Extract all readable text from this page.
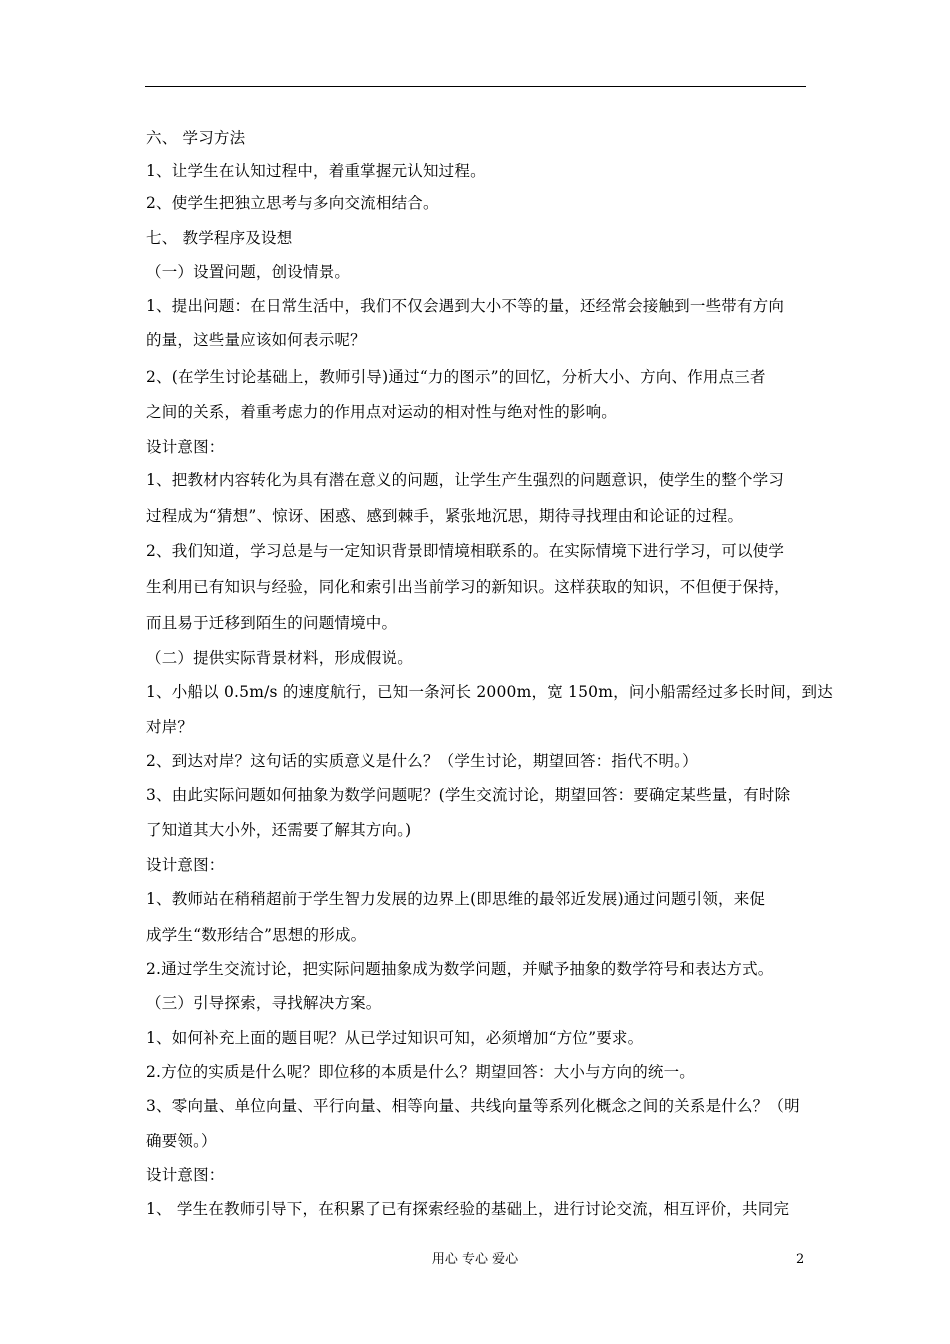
六、 学习方法
1、让学生在认知过程中，着重掌握元认知过程。
2、使学生把独立思考与多向交流相结合。
七、 教学程序及设想
（一）设置问题，创设情景。
1、提出问题：在日常生活中，我们不仅会遇到大小不等的量，还经常会接触到一些带有方向
的量，这些量应该如何表示呢？
2、(在学生讨论基础上，教师引导)通过“力的图示”的回忆，分析大小、方向、作用点三者
之间的关系，着重考虑力的作用点对运动的相对性与绝对性的影响。
设计意图：
1、把教材内容转化为具有潜在意义的问题，让学生产生强烈的问题意识，使学生的整个学习
过程成为“猜想”、惊讶、困惑、感到棘手，紧张地沉思，期待寻找理由和论证的过程。
2、我们知道，学习总是与一定知识背景即情境相联系的。在实际情境下进行学习，可以使学
生利用已有知识与经验，同化和索引出当前学习的新知识。这样获取的知识，不但便于保持，
而且易于迁移到陌生的问题情境中。
（二）提供实际背景材料，形成假说。
1、小船以 0.5m/s 的速度航行，已知一条河长 2000m，宽 150m，问小船需经过多长时间，到达
对岸？
2、到达对岸？这句话的实质意义是什么？（学生讨论，期望回答：指代不明。）
3、由此实际问题如何抽象为数学问题呢？(学生交流讨论，期望回答：要确定某些量，有时除
了知道其大小外，还需要了解其方向。)
设计意图：
1、教师站在稍稍超前于学生智力发展的边界上(即思维的最邻近发展)通过问题引领，来促
成学生“数形结合”思想的形成。
2.通过学生交流讨论，把实际问题抽象成为数学问题，并赋予抽象的数学符号和表达方式。
（三）引导探索，寻找解决方案。
1、如何补充上面的题目呢？从已学过知识可知，必须增加“方位”要求。
2.方位的实质是什么呢？即位移的本质是什么？期望回答：大小与方向的统一。
3、零向量、单位向量、平行向量、相等向量、共线向量等系列化概念之间的关系是什么？（明
确要领。）
设计意图：
1、 学生在教师引导下，在积累了已有探索经验的基础上，进行讨论交流，相互评价，共同完
用心 专心 爱心	2
